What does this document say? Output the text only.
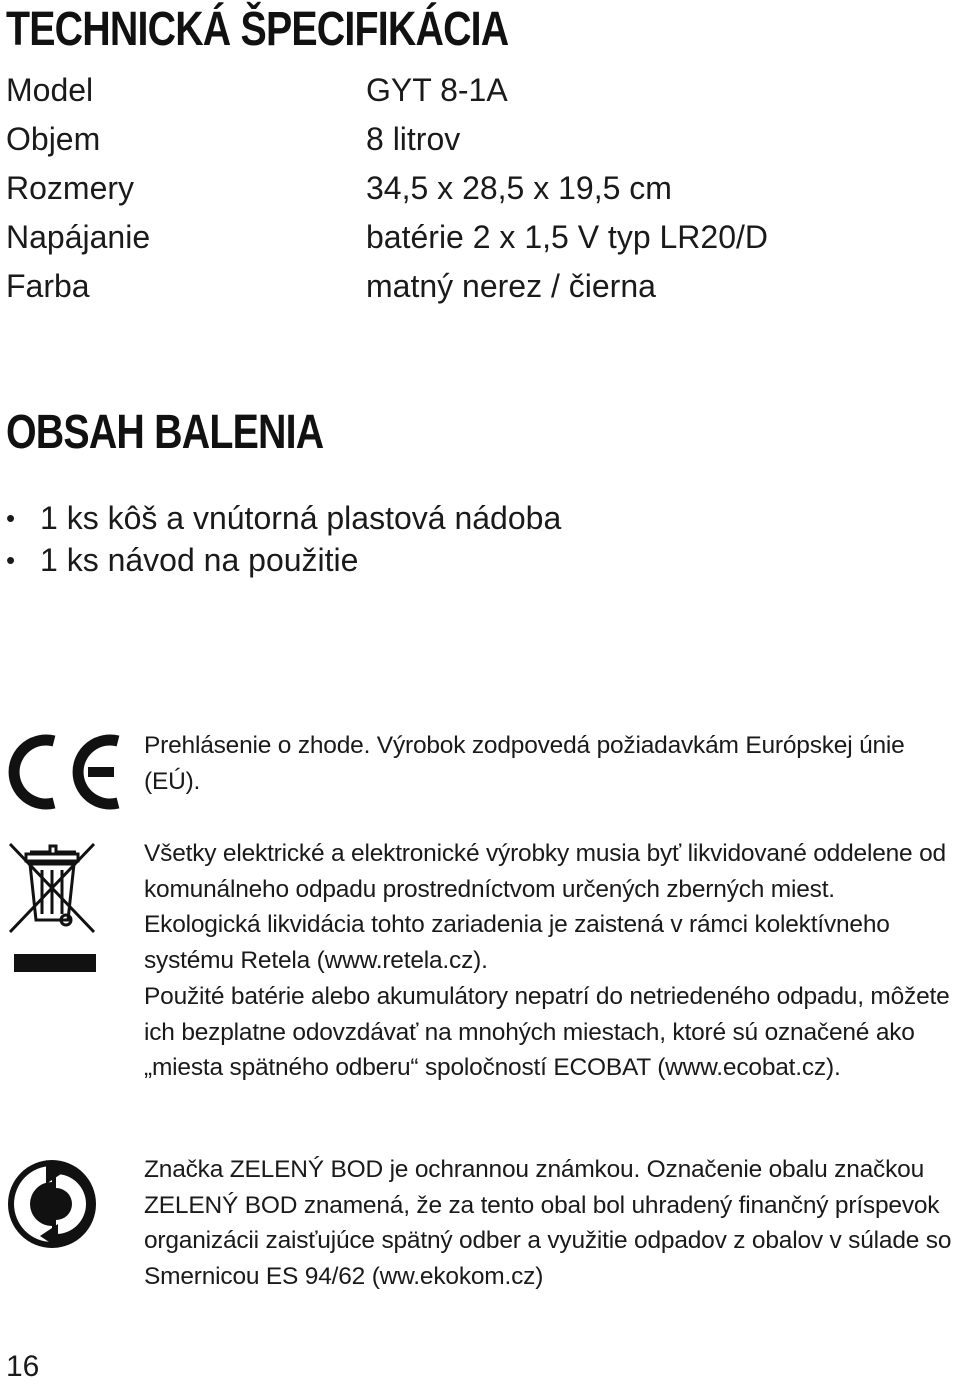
TECHNICKÁ ŠPECIFIKÁCIA
Model	GYT 8-1A
Objem	8 litrov
Rozmery	34,5 x 28,5 x 19,5 cm
Napájanie	batérie 2 x 1,5 V typ LR20/D
Farba	matný nerez / čierna
OBSAH BALENIA
• 1 ks kôš a vnútorná plastová nádoba
• 1 ks návod na použitie

Prehlásenie o zhode. Výrobok zodpovedá požiadavkám Európskej únie (EÚ).

Všetky elektrické a elektronické výrobky musia byť likvidované oddelene od komunálneho odpadu prostredníctvom určených zberných miest. Ekologická likvidácia tohto zariadenia je zaistená v rámci kolektívneho systému Retela (www.retela.cz).

Použité batérie alebo akumulátory nepatrí do netriedeného odpadu, môžete ich bezplatne odovzdávať na mnohých miestach, ktoré sú označené ako „miesta spätného odberu“ spoločností ECOBAT (www.ecobat.cz).

Značka ZELENÝ BOD je ochrannou známkou. Označenie obalu značkou ZELENÝ BOD znamená, že za tento obal bol uhradený finančný príspevok organizácii zaisťujúce spätný odber a využitie odpadov z obalov v súlade so Smernicou ES 94/62 (ww.ekokom.cz)

16
